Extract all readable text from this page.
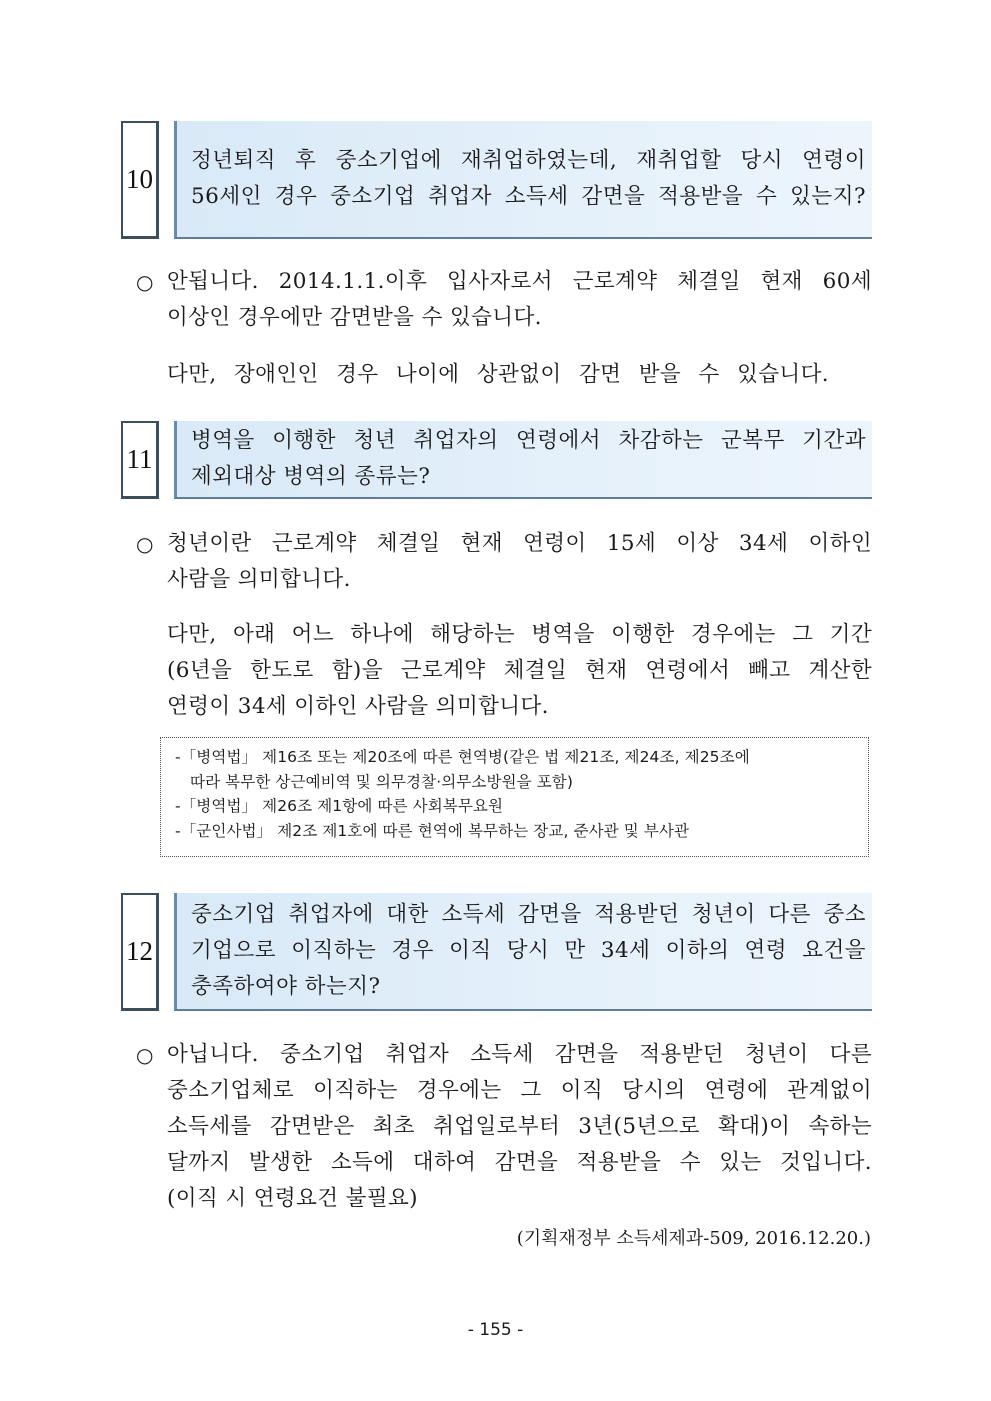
10
정년퇴직 후 중소기업에 재취업하였는데, 재취업할 당시 연령이
56세인 경우 중소기업 취업자 소득세 감면을 적용받을 수 있는지?
○ 안됩니다. 2014.1.1.이후 입사자로서 근로계약 체결일 현재 60세
이상인 경우에만 감면받을 수 있습니다.
다만, 장애인인 경우 나이에 상관없이 감면 받을 수 있습니다.
11
병역을 이행한 청년 취업자의 연령에서 차감하는 군복무 기간과
제외대상 병역의 종류는?
○ 청년이란 근로계약 체결일 현재 연령이 15세 이상 34세 이하인
사람을 의미합니다.
다만, 아래 어느 하나에 해당하는 병역을 이행한 경우에는 그 기간
(6년을 한도로 함)을 근로계약 체결일 현재 연령에서 빼고 계산한
연령이 34세 이하인 사람을 의미합니다.
-「병역법」 제16조 또는 제20조에 따른 현역병(같은 법 제21조, 제24조, 제25조에
따라 복무한 상근예비역 및 의무경찰·의무소방원을 포함)
-「병역법」 제26조 제1항에 따른 사회복무요원
-「군인사법」 제2조 제1호에 따른 현역에 복무하는 장교, 준사관 및 부사관
12
중소기업 취업자에 대한 소득세 감면을 적용받던 청년이 다른 중소
기업으로 이직하는 경우 이직 당시 만 34세 이하의 연령 요건을
충족하여야 하는지?
○ 아닙니다. 중소기업 취업자 소득세 감면을 적용받던 청년이 다른
중소기업체로 이직하는 경우에는 그 이직 당시의 연령에 관계없이
소득세를 감면받은 최초 취업일로부터 3년(5년으로 확대)이 속하는
달까지 발생한 소득에 대하여 감면을 적용받을 수 있는 것입니다.
(이직 시 연령요건 불필요)
(기획재정부 소득세제과-509, 2016.12.20.)
- 155 -
